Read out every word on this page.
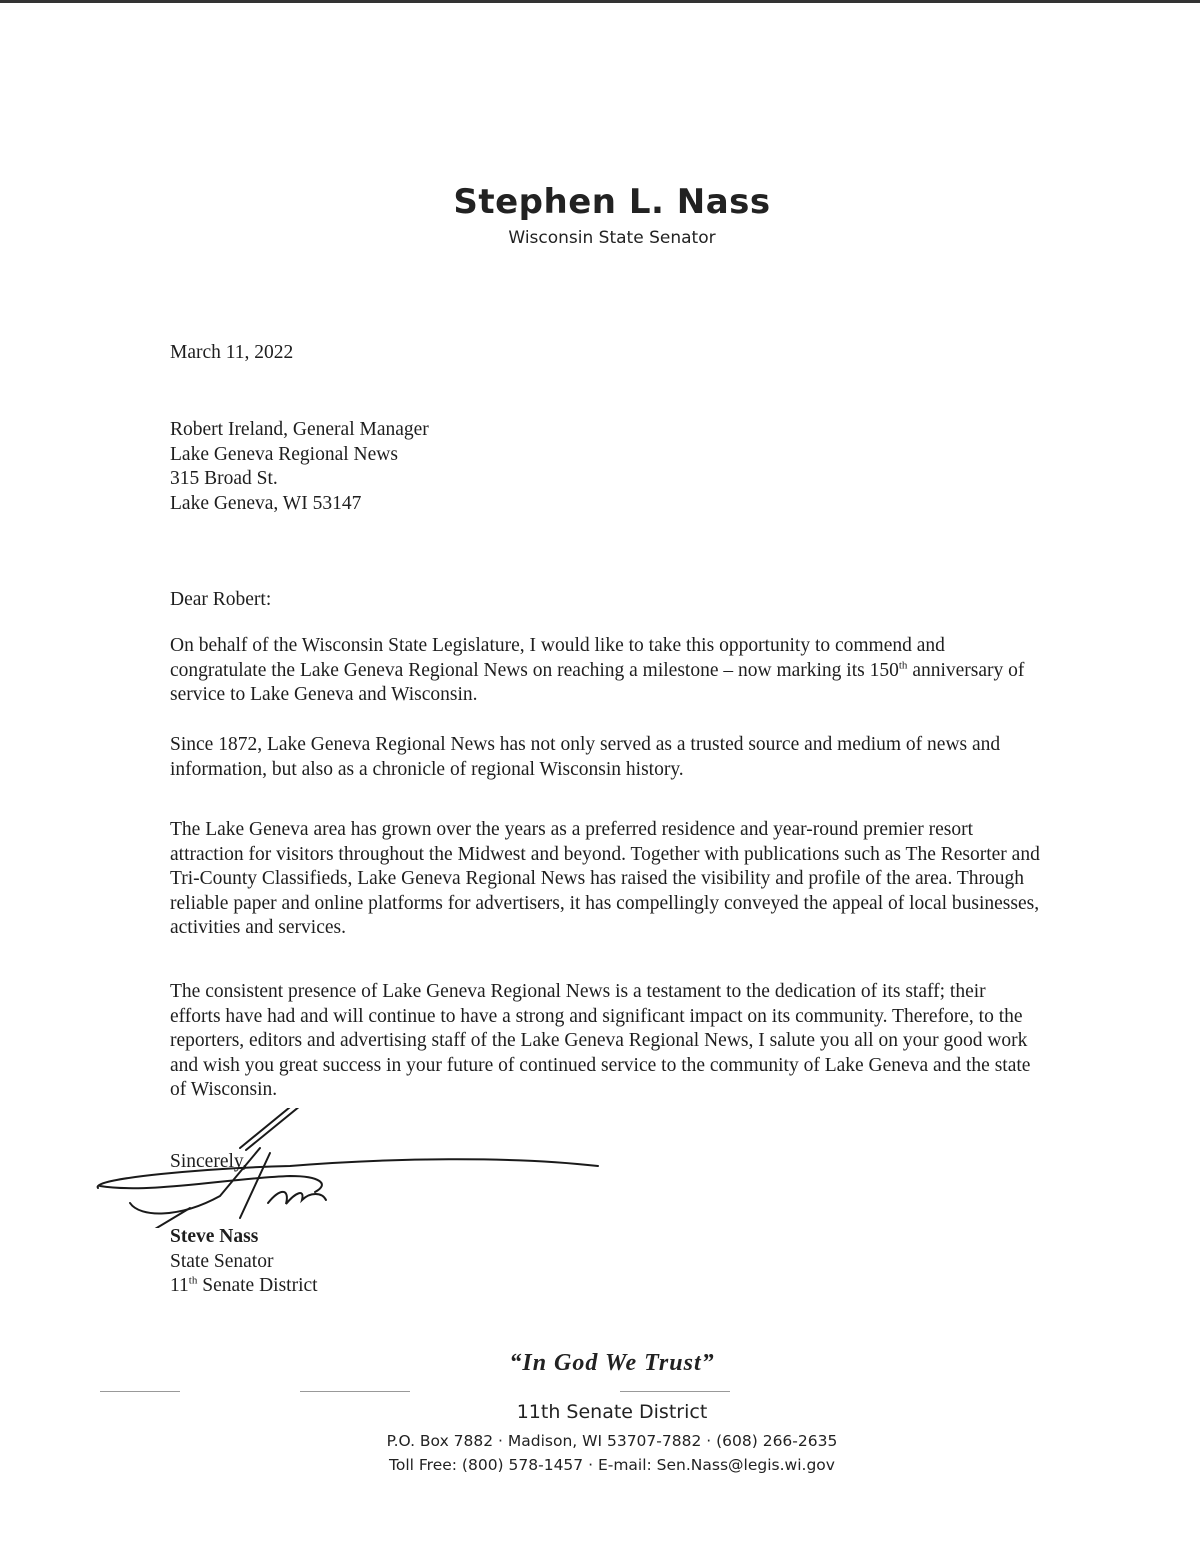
Stephen L. Nass
Wisconsin State Senator
March 11, 2022

Robert Ireland, General Manager

Lake Geneva Regional News

315 Broad St.

Lake Geneva, WI 53147

Dear Robert:
On behalf of the Wisconsin State Legislature, I would like to take this opportunity to commend and congratulate the Lake Geneva Regional News on reaching a milestone – now marking its 150th anniversary of service to Lake Geneva and Wisconsin.
Since 1872, Lake Geneva Regional News has not only served as a trusted source and medium of news and information, but also as a chronicle of regional Wisconsin history.
The Lake Geneva area has grown over the years as a preferred residence and year-round premier resort attraction for visitors throughout the Midwest and beyond. Together with publications such as The Resorter and Tri-County Classifieds, Lake Geneva Regional News has raised the visibility and profile of the area. Through reliable paper and online platforms for advertisers, it has compellingly conveyed the appeal of local businesses, activities and services.
The consistent presence of Lake Geneva Regional News is a testament to the dedication of its staff; their efforts have had and will continue to have a strong and significant impact on its community. Therefore, to the reporters, editors and advertising staff of the Lake Geneva Regional News, I salute you all on your good work and wish you great success in your future of continued service to the community of Lake Geneva and the state of Wisconsin.
Sincerely,

Steve Nass

State Senator

11th Senate District

“In God We Trust”
11th Senate District
P.O. Box 7882 · Madison, WI 53707-7882 · (608) 266-2635
Toll Free: (800) 578-1457 · E-mail: Sen.Nass@legis.wi.gov
